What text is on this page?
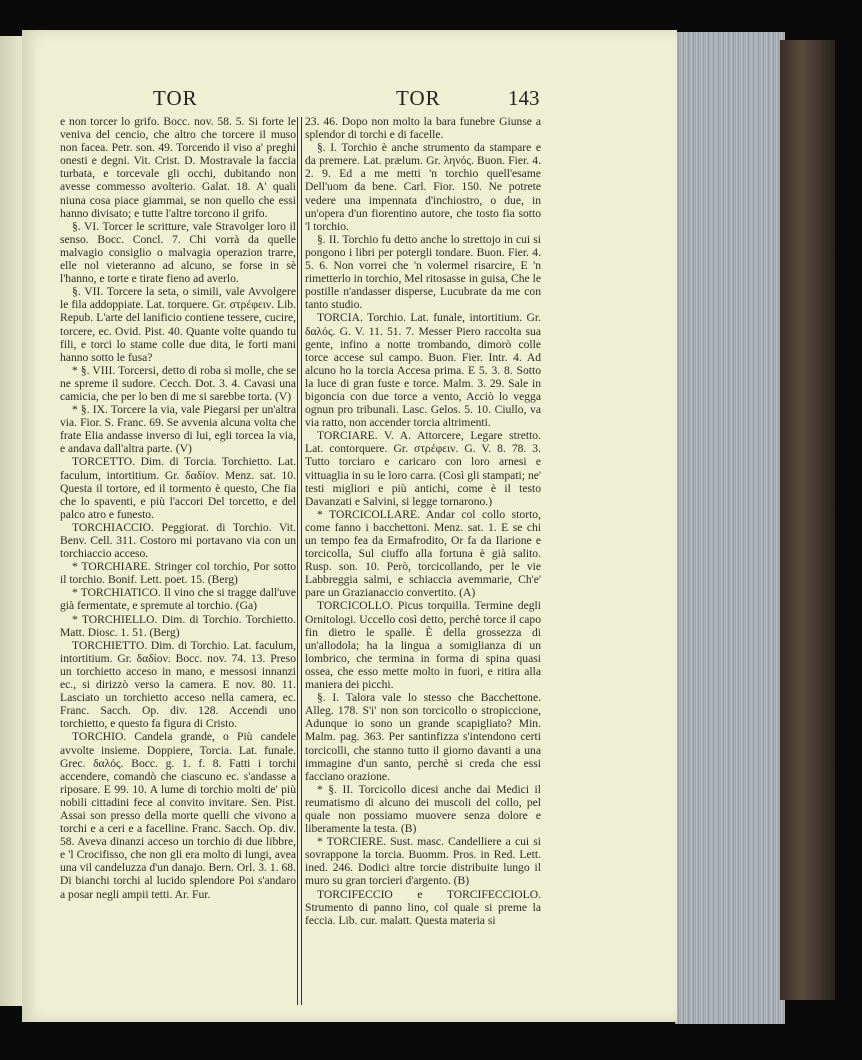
TOR	TOR	143

e non torcer lo grifo. Bocc. nov. 58. 5. Si forte le veniva del cencio, che altro che torcere il muso non facea. Petr. son. 49. Torcendo il viso a' preghi onesti e degni. Vit. Crist. D. Mostravale la faccia turbata, e torcevale gli occhi, dubitando non avesse commesso avolterio. Galat. 18. A' quali niuna cosa piace giammai, se non quello che essi hanno divisato; e tutte l'altre torcono il grifo.

§. VI. Torcer le scritture, vale Stravolger loro il senso. Bocc. Concl. 7. Chi vorrà da quelle malvagio consiglio o malvagia operazion trarre, elle nol vieteranno ad alcuno, se forse in sè l'hanno, e torte e tirate fieno ad averlo.

§. VII. Torcere la seta, o simili, vale Avvolgere le fila addoppiate. Lat. torquere. Gr. στρέφειν. Lib. Repub. L'arte del lanificio contiene tessere, cucire, torcere, ec. Ovid. Pist. 40. Quante volte quando tu fili, e torci lo stame colle due dita, le forti mani hanno sotto le fusa?

* §. VIII. Torcersi, detto di roba sì molle, che se ne spreme il sudore. Cecch. Dot. 3. 4. Cavasi una camicia, che per lo ben di me si sarebbe torta. (V)

* §. IX. Torcere la via, vale Piegarsi per un'altra via. Fior. S. Franc. 69. Se avvenia alcuna volta che frate Elia andasse inverso di lui, egli torcea la via, e andava dall'altra parte. (V)

TORCETTO. Dim. di Torcia. Torchietto. Lat. faculum, intortitium. Gr. δαδίον. Menz. sat. 10. Questa il tortore, ed il tormento è questo, Che fia che lo spaventi, e più l'accori Del torcetto, e del palco atro e funesto.

TORCHIACCIO. Peggiorat. di Torchio. Vit. Benv. Cell. 311. Costoro mi portavano via con un torchiaccio acceso.

* TORCHIARE. Stringer col torchio, Por sotto il torchio. Bonif. Lett. poet. 15. (Berg)

* TORCHIATICO. Il vino che si tragge dall'uve già fermentate, e spremute al torchio. (Ga)

* TORCHIELLO. Dim. di Torchio. Torchietto. Matt. Diosc. 1. 51. (Berg)

TORCHIETTO. Dim. di Torchio. Lat. faculum, intortitium. Gr. δαδίον. Bocc. nov. 74. 13. Preso un torchietto acceso in mano, e messosi innanzi ec., si dirizzò verso la camera. E nov. 80. 11. Lasciato un torchietto acceso nella camera, ec. Franc. Sacch. Op. div. 128. Accendi uno torchietto, e questo fa figura di Cristo.

TORCHIO. Candela grande, o Più candele avvolte insieme. Doppiere, Torcia. Lat. funale. Grec. δαλός. Bocc. g. 1. f. 8. Fatti i torchi accendere, comandò che ciascuno ec. s'andasse a riposare. E 99. 10. A lume di torchio molti de' più nobili cittadini fece al convito invitare. Sen. Pist. Assai son presso della morte quelli che vivono a torchi e a ceri e a facelline. Franc. Sacch. Op. div. 58. Aveva dinanzi acceso un torchio di due libbre, e 'l Crocifisso, che non gli era molto di lungi, avea una vil candeluzza d'un danajo. Bern. Orl. 3. 1. 68. Di bianchi torchi al lucido splendore Poi s'andaro a posar negli ampii tetti. Ar. Fur.

23. 46. Dopo non molto la bara funebre Giunse a splendor di torchi e di facelle.

§. I. Torchio è anche strumento da stampare e da premere. Lat. prælum. Gr. ληνός. Buon. Fier. 4. 2. 9. Ed a me metti 'n torchio quell'esame Dell'uom da bene. Carl. Fior. 150. Ne potrete vedere una impennata d'inchiostro, o due, in un'opera d'un fiorentino autore, che tosto fia sotto 'l torchio.

§. II. Torchio fu detto anche lo strettojo in cui si pongono i libri per potergli tondare. Buon. Fier. 4. 5. 6. Non vorrei che 'n volermel risarcire, E 'n rimetterlo in torchio, Mel ritosasse in guisa, Che le postille n'andasser disperse, Lucubrate da me con tanto studio.

TORCIA. Torchio. Lat. funale, intortitium. Gr. δαλός. G. V. 11. 51. 7. Messer Piero raccolta sua gente, infino a notte trombando, dimorò colle torce accese sul campo. Buon. Fier. Intr. 4. Ad alcuno ho la torcia Accesa prima. E 5. 3. 8. Sotto la luce di gran fuste e torce. Malm. 3. 29. Sale in bigoncia con due torce a vento, Acciò lo vegga ognun pro tribunali. Lasc. Gelos. 5. 10. Ciullo, va via ratto, non accender torcia altrimenti.

TORCIARE. V. A. Attorcere, Legare stretto. Lat. contorquere. Gr. στρέφειν. G. V. 8. 78. 3. Tutto torciaro e caricaro con loro arnesi e vittuaglia in su le loro carra. (Così gli stampati; ne' testi migliori e più antichi, come è il testo Davanzati e Salvini, si legge tornarono.)

* TORCICOLLARE. Andar col collo storto, come fanno i bacchettoni. Menz. sat. 1. E se chi un tempo fea da Ermafrodito, Or fa da Ilarione e torcicolla, Sul ciuffo alla fortuna è già salito. Rusp. son. 10. Però, torcicollando, per le vie Labbreggia salmi, e schiaccia avemmarie, Ch'e' pare un Grazianaccio convertito. (A)

TORCICOLLO. Picus torquilla. Termine degli Ornitologi. Uccello così detto, perchè torce il capo fin dietro le spalle. È della grossezza di un'allodola; ha la lingua a somiglianza di un lombrico, che termina in forma di spina quasi ossea, che esso mette molto in fuori, e ritira alla maniera dei picchi.

§. I. Talora vale lo stesso che Bacchettone. Alleg. 178. S'i' non son torcicollo o stropiccione, Adunque io sono un grande scapigliato? Min. Malm. pag. 363. Per santinfizza s'intendono certi torcicolli, che stanno tutto il giorno davanti a una immagine d'un santo, perchè si creda che essi facciano orazione.

* §. II. Torcicollo dicesi anche dai Medici il reumatismo di alcuno dei muscoli del collo, pel quale non possiamo muovere senza dolore e liberamente la testa. (B)

* TORCIERE. Sust. masc. Candelliere a cui si sovrappone la torcia. Buomm. Pros. in Red. Lett. ined. 246. Dodici altre torcie distribuite lungo il muro su gran torcieri d'argento. (B)

TORCIFECCIO e TORCIFECCIOLO. Strumento di panno lino, col quale si preme la feccia. Lib. cur. malatt. Questa materia si
